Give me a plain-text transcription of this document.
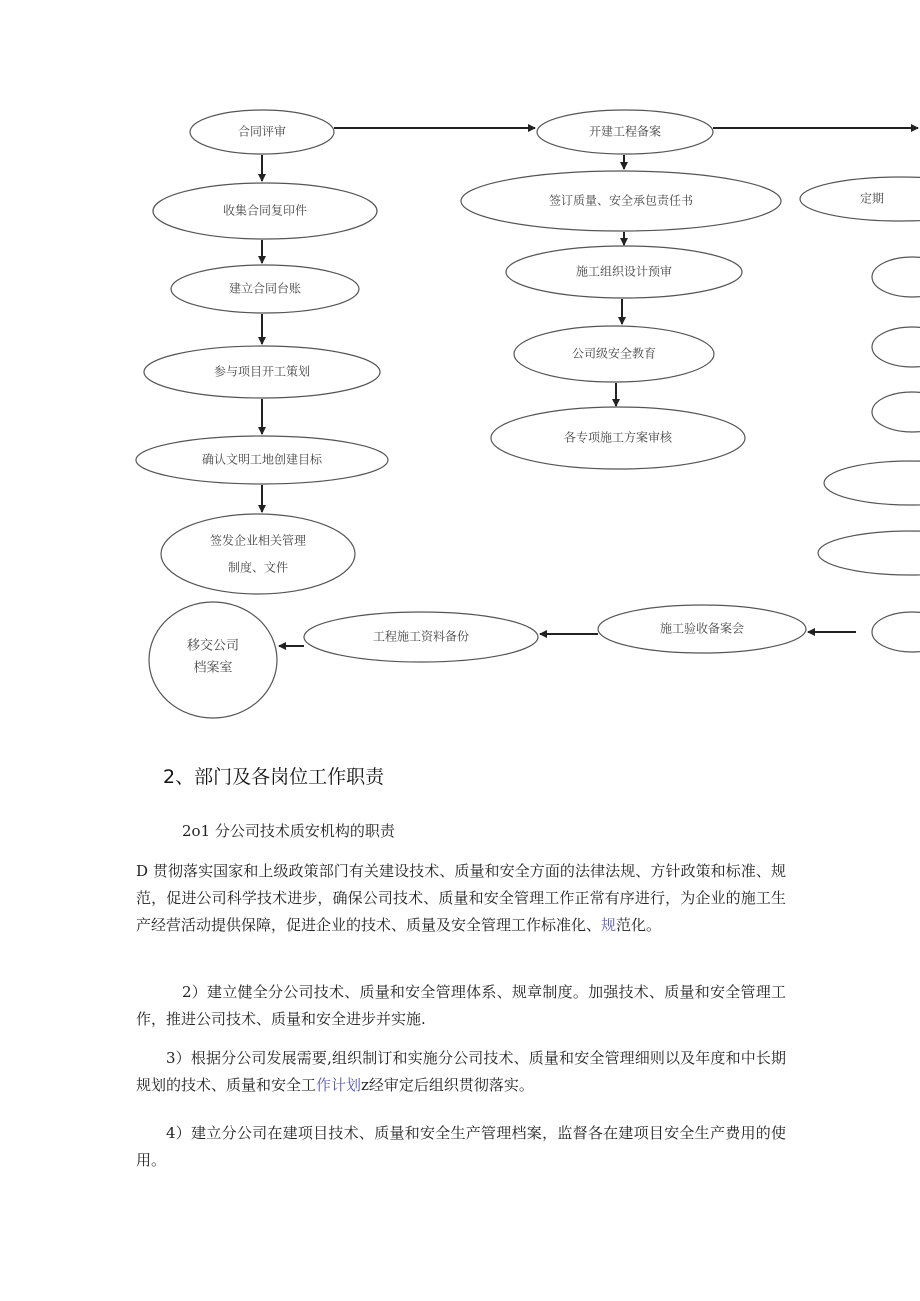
合同评审
收集合同复印件
建立合同台账
参与项目开工策划
确认文明工地创建目标
签发企业相关管理
制度、文件
开建工程备案
签订质量、安全承包责任书
施工组织设计预审
公司级安全教育
各专项施工方案审核
定期
施工验收备案会
工程施工资料备份
移交公司
档案室
2、部门及各岗位工作职责

2o1 分公司技术质安机构的职责

D 贯彻落实国家和上级政策部门有关建设技术、质量和安全方面的法律法规、方针政策和标准、规范，促进公司科学技术进步，确保公司技术、质量和安全管理工作正常有序进行，为企业的施工生产经营活动提供保障，促进企业的技术、质量及安全管理工作标准化、规范化。

2）建立健全分公司技术、质量和安全管理体系、规章制度。加强技术、质量和安全管理工作，推进公司技术、质量和安全进步并实施.

3）根据分公司发展需要,组织制订和实施分公司技术、质量和安全管理细则以及年度和中长期规划的技术、质量和安全工作计划z经审定后组织贯彻落实。

4）建立分公司在建项目技术、质量和安全生产管理档案，监督各在建项目安全生产费用的使用。
